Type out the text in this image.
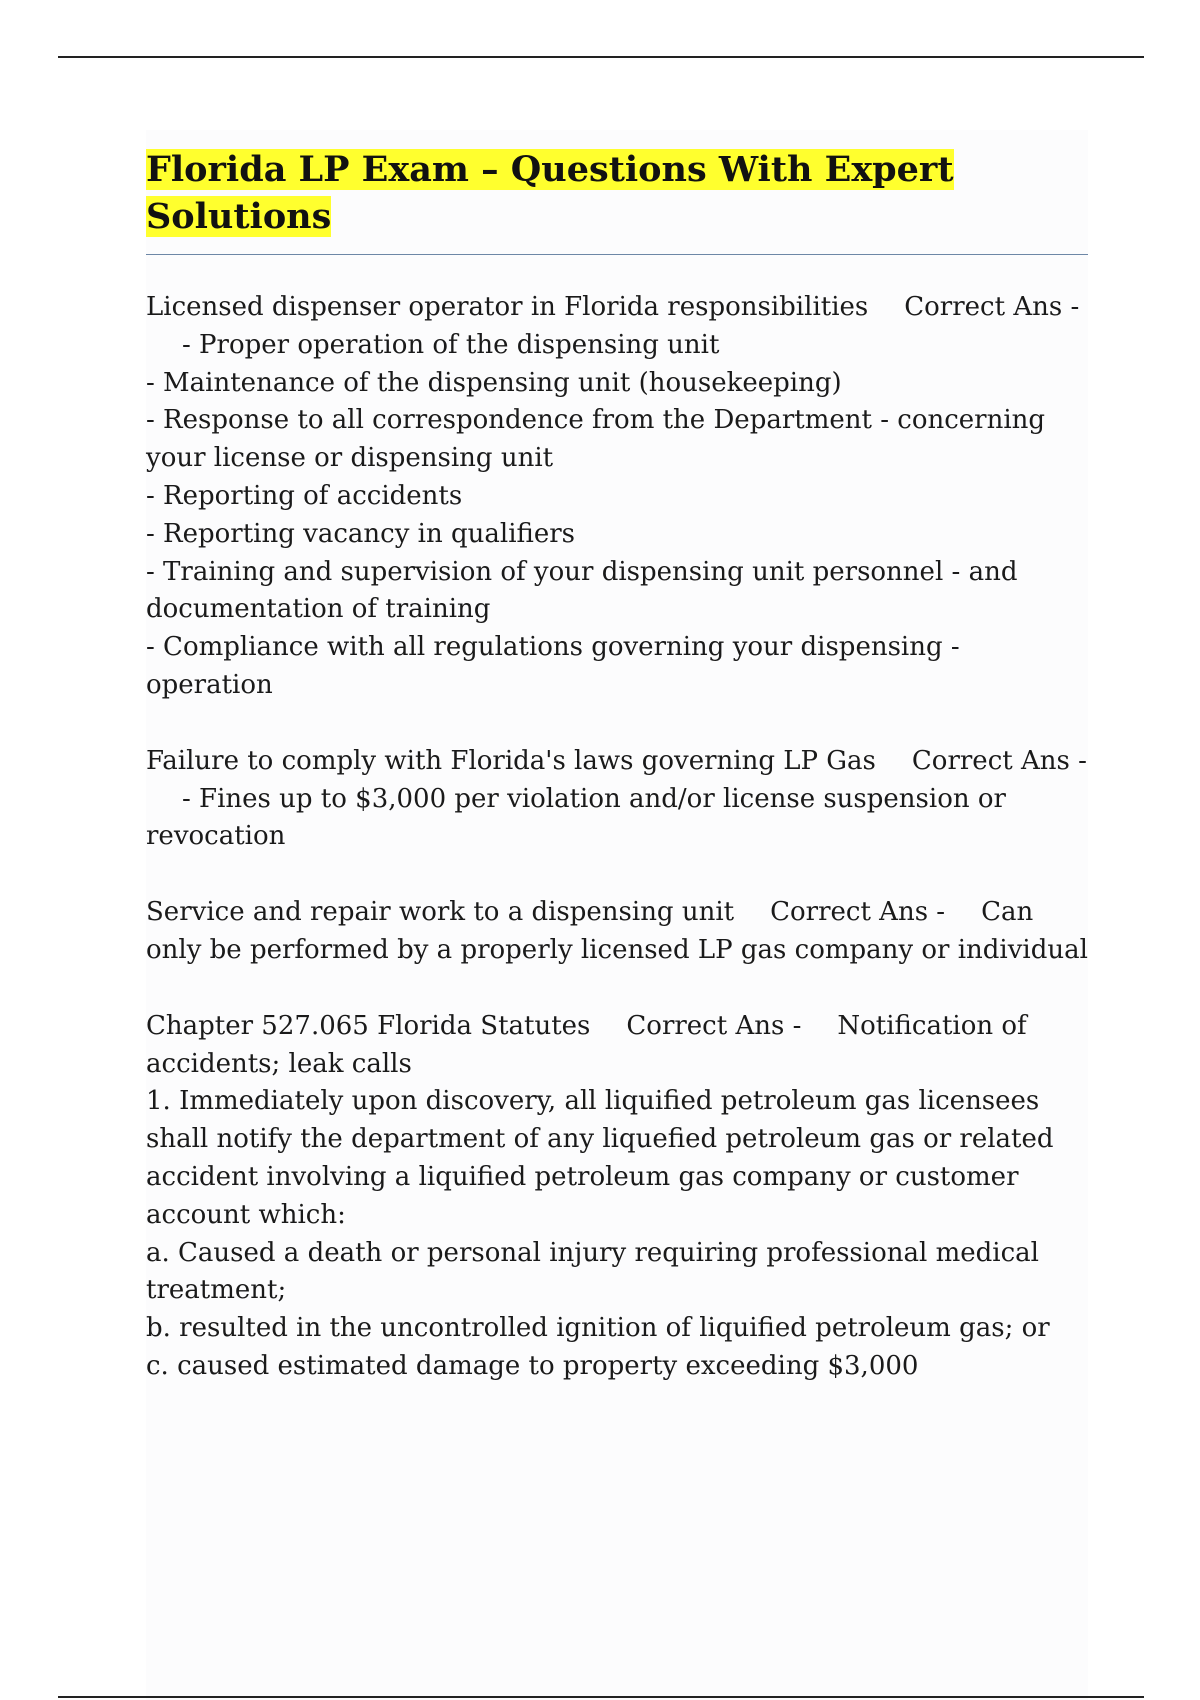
Florida LP Exam – Questions With Expert Solutions
Licensed dispenser operator in Florida responsibilities Correct Ans -- Proper operation of the dispensing unit
- Maintenance of the dispensing unit (housekeeping)
- Response to all correspondence from the Department - concerning your license or dispensing unit
- Reporting of accidents
- Reporting vacancy in qualifiers
- Training and supervision of your dispensing unit personnel - and documentation of training
- Compliance with all regulations governing your dispensing - operation
Failure to comply with Florida's laws governing LP Gas Correct Ans -- Fines up to $3,000 per violation and/or license suspension or revocation
Service and repair work to a dispensing unit Correct Ans - Can only be performed by a properly licensed LP gas company or individual
Chapter 527.065 Florida Statutes Correct Ans - Notification of accidents; leak calls
1. Immediately upon discovery, all liquified petroleum gas licensees shall notify the department of any liquefied petroleum gas or related accident involving a liquified petroleum gas company or customer account which:
a. Caused a death or personal injury requiring professional medical treatment;
b. resulted in the uncontrolled ignition of liquified petroleum gas; or
c. caused estimated damage to property exceeding $3,000
